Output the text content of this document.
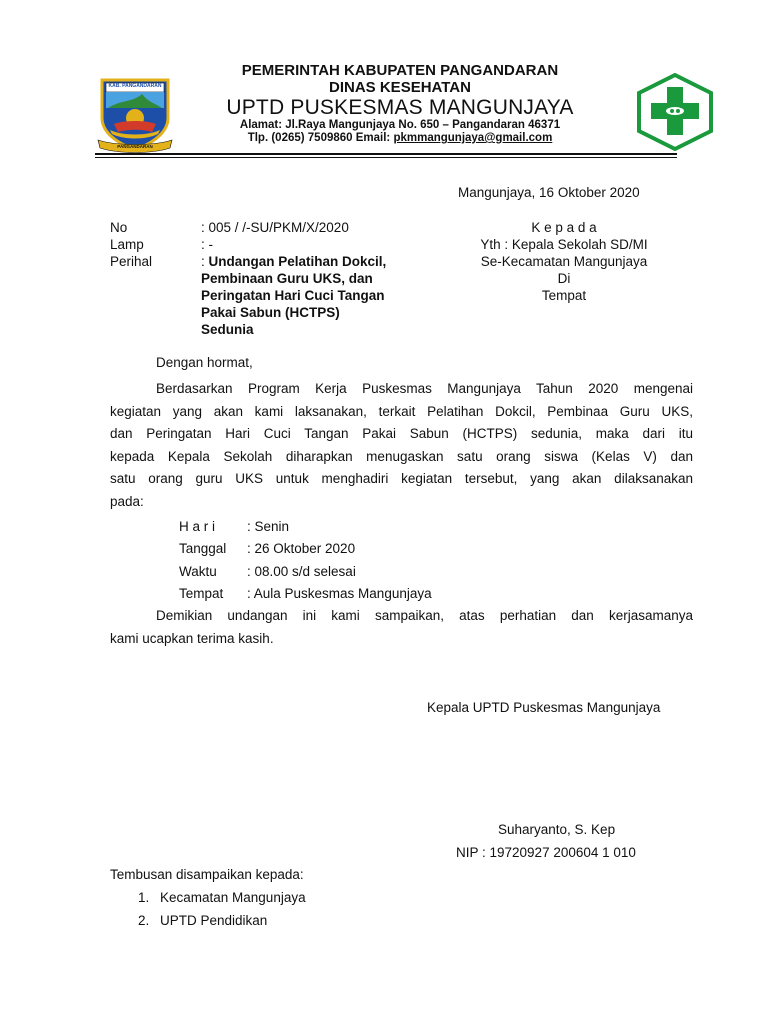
KAB. PANGANDARAN
PANGANDARAN
PEMERINTAH KABUPATEN PANGANDARAN
DINAS KESEHATAN
UPTD PUSKESMAS MANGUNJAYA
Alamat: Jl.Raya Mangunjaya No. 650 – Pangandaran 46371
Tlp. (0265) 7509860 Email: pkmmangunjaya@gmail.com
Mangunjaya, 16 Oktober 2020
No	: 005 / /-SU/PKM/X/2020
Lamp	: -
Perihal	: Undangan Pelatihan Dokcil,
Pembinaan Guru UKS, dan
Peringatan Hari Cuci Tangan
Pakai Sabun (HCTPS)
Sedunia
K e p a d a
Yth : Kepala Sekolah SD/MI
Se-Kecamatan Mangunjaya
Di
Tempat
Dengan hormat,
Berdasarkan Program Kerja Puskesmas Mangunjaya Tahun 2020 mengenai
kegiatan yang akan kami laksanakan, terkait Pelatihan Dokcil, Pembinaa Guru UKS,
dan Peringatan Hari Cuci Tangan Pakai Sabun (HCTPS) sedunia, maka dari itu
kepada Kepala Sekolah diharapkan menugaskan satu orang siswa (Kelas V) dan
satu orang guru UKS untuk menghadiri kegiatan tersebut, yang akan dilaksanakan
pada:
H a r i : Senin
Tanggal : 26 Oktober 2020
Waktu : 08.00 s/d selesai
Tempat : Aula Puskesmas Mangunjaya
Demikian undangan ini kami sampaikan, atas perhatian dan kerjasamanya
kami ucapkan terima kasih.
Kepala UPTD Puskesmas Mangunjaya
Suharyanto, S. Kep
NIP : 19720927 200604 1 010
Tembusan disampaikan kepada:
1. Kecamatan Mangunjaya
2. UPTD Pendidikan
